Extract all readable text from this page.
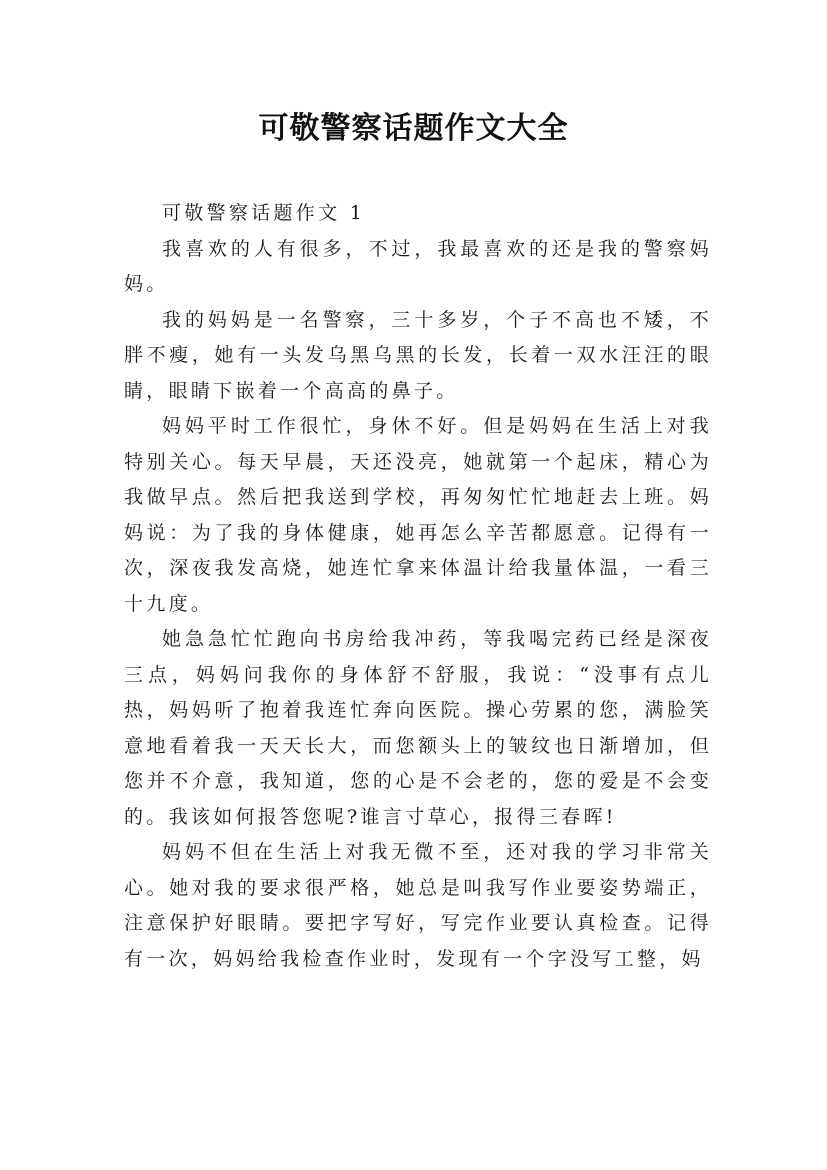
可敬警察话题作文大全

可敬警察话题作文 1

我喜欢的人有很多，不过，我最喜欢的还是我的警察妈妈。

我的妈妈是一名警察，三十多岁，个子不高也不矮，不胖不瘦，她有一头发乌黑乌黑的长发，长着一双水汪汪的眼睛，眼睛下嵌着一个高高的鼻子。

妈妈平时工作很忙，身休不好。但是妈妈在生活上对我特别关心。每天早晨，天还没亮，她就第一个起床，精心为我做早点。然后把我送到学校，再匆匆忙忙地赶去上班。妈妈说：为了我的身体健康，她再怎么辛苦都愿意。记得有一次，深夜我发高烧，她连忙拿来体温计给我量体温，一看三十九度。

她急急忙忙跑向书房给我冲药，等我喝完药已经是深夜三点，妈妈问我你的身体舒不舒服，我说：“没事有点儿热，妈妈听了抱着我连忙奔向医院。操心劳累的您，满脸笑意地看着我一天天长大，而您额头上的皱纹也日渐增加，但您并不介意，我知道，您的心是不会老的，您的爱是不会变的。我该如何报答您呢?谁言寸草心，报得三春晖!

妈妈不但在生活上对我无微不至，还对我的学习非常关心。她对我的要求很严格，她总是叫我写作业要姿势端正，注意保护好眼睛。要把字写好，写完作业要认真检查。记得有一次，妈妈给我检查作业时，发现有一个字没写工整，妈
